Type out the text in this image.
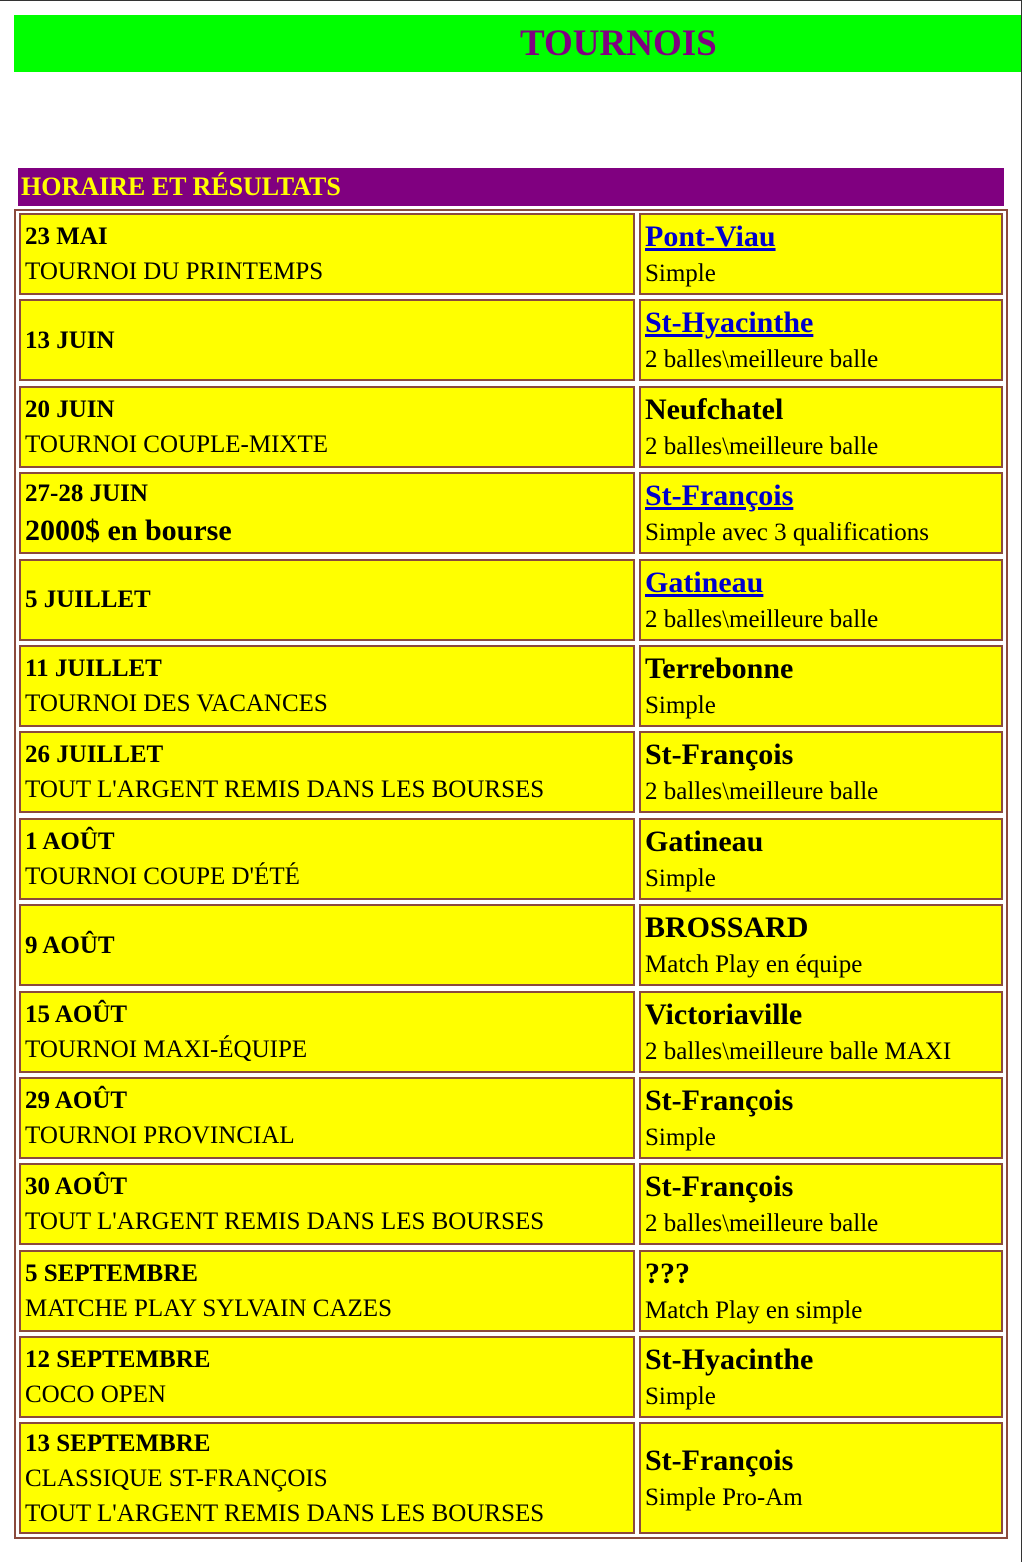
TOURNOIS
HORAIRE ET RÉSULTATS
23 MAI
TOURNOI DU PRINTEMPS
Pont-Viau
Simple
13 JUIN
St-Hyacinthe
2 balles\meilleure balle
20 JUIN
TOURNOI COUPLE-MIXTE
Neufchatel
2 balles\meilleure balle
27-28 JUIN
2000$ en bourse
St-François
Simple avec 3 qualifications
5 JUILLET
Gatineau
2 balles\meilleure balle
11 JUILLET
TOURNOI DES VACANCES
Terrebonne
Simple
26 JUILLET
TOUT L'ARGENT REMIS DANS LES BOURSES
St-François
2 balles\meilleure balle
1 AOÛT
TOURNOI COUPE D'ÉTÉ
Gatineau
Simple
9 AOÛT
BROSSARD
Match Play en équipe
15 AOÛT
TOURNOI MAXI-ÉQUIPE
Victoriaville
2 balles\meilleure balle MAXI
29 AOÛT
TOURNOI PROVINCIAL
St-François
Simple
30 AOÛT
TOUT L'ARGENT REMIS DANS LES BOURSES
St-François
2 balles\meilleure balle
5 SEPTEMBRE
MATCHE PLAY SYLVAIN CAZES
???
Match Play en simple
12 SEPTEMBRE
COCO OPEN
St-Hyacinthe
Simple
13 SEPTEMBRE
CLASSIQUE ST-FRANÇOIS
TOUT L'ARGENT REMIS DANS LES BOURSES
St-François
Simple Pro-Am
